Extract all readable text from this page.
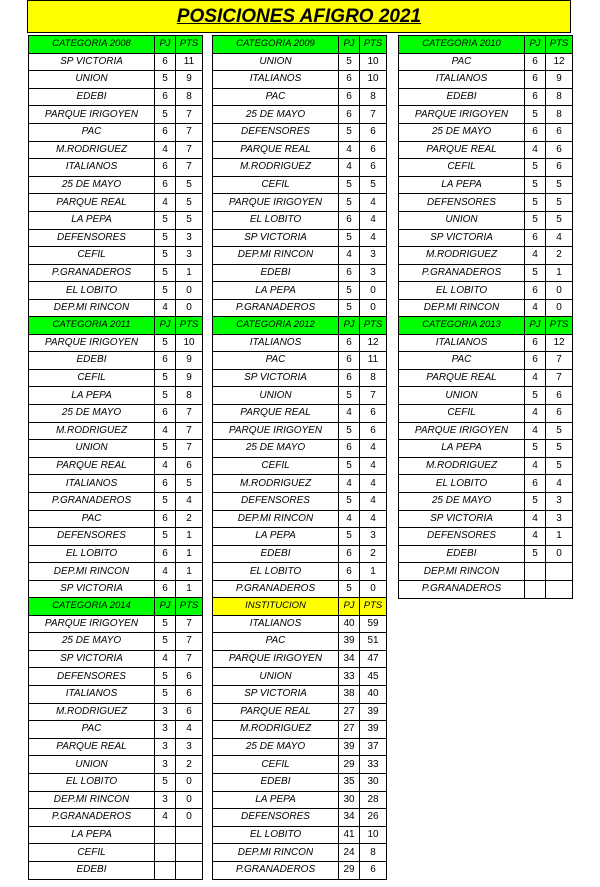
POSICIONES AFIGRO 2021
CATEGORIA 2008	PJ	PTS
SP VICTORIA	6	11
UNION	5	9
EDEBI	6	8
PARQUE IRIGOYEN	5	7
PAC	6	7
M.RODRIGUEZ	4	7
ITALIANOS	6	7
25 DE MAYO	6	5
PARQUE REAL	4	5
LA PEPA	5	5
DEFENSORES	5	3
CEFIL	5	3
P.GRANADEROS	5	1
EL LOBITO	5	0
DEP.MI RINCON	4	0
CATEGORIA 2009	PJ	PTS
UNION	5	10
ITALIANOS	6	10
PAC	6	8
25 DE MAYO	6	7
DEFENSORES	5	6
PARQUE REAL	4	6
M.RODRIGUEZ	4	6
CEFIL	5	5
PARQUE IRIGOYEN	5	4
EL LOBITO	6	4
SP VICTORIA	5	4
DEP.MI RINCON	4	3
EDEBI	6	3
LA PEPA	5	0
P.GRANADEROS	5	0
CATEGORIA 2010	PJ	PTS
PAC	6	12
ITALIANOS	6	9
EDEBI	6	8
PARQUE IRIGOYEN	5	8
25 DE MAYO	6	6
PARQUE REAL	4	6
CEFIL	5	6
LA PEPA	5	5
DEFENSORES	5	5
UNION	5	5
SP VICTORIA	6	4
M.RODRIGUEZ	4	2
P.GRANADEROS	5	1
EL LOBITO	6	0
DEP.MI RINCON	4	0
CATEGORIA 2011	PJ	PTS
PARQUE IRIGOYEN	5	10
EDEBI	6	9
CEFIL	5	9
LA PEPA	5	8
25 DE MAYO	6	7
M.RODRIGUEZ	4	7
UNION	5	7
PARQUE REAL	4	6
ITALIANOS	6	5
P.GRANADEROS	5	4
PAC	6	2
DEFENSORES	5	1
EL LOBITO	6	1
DEP.MI RINCON	4	1
SP VICTORIA	6	1
CATEGORIA 2012	PJ	PTS
ITALIANOS	6	12
PAC	6	11
SP VICTORIA	6	8
UNION	5	7
PARQUE REAL	4	6
PARQUE IRIGOYEN	5	6
25 DE MAYO	6	4
CEFIL	5	4
M.RODRIGUEZ	4	4
DEFENSORES	5	4
DEP.MI RINCON	4	4
LA PEPA	5	3
EDEBI	6	2
EL LOBITO	6	1
P.GRANADEROS	5	0
CATEGORIA 2013	PJ	PTS
ITALIANOS	6	12
PAC	6	7
PARQUE REAL	4	7
UNION	5	6
CEFIL	4	6
PARQUE IRIGOYEN	4	5
LA PEPA	5	5
M.RODRIGUEZ	4	5
EL LOBITO	6	4
25 DE MAYO	5	3
SP VICTORIA	4	3
DEFENSORES	4	1
EDEBI	5	0
DEP.MI RINCON		
P.GRANADEROS		
CATEGORIA 2014	PJ	PTS
PARQUE IRIGOYEN	5	7
25 DE MAYO	5	7
SP VICTORIA	4	7
DEFENSORES	5	6
ITALIANOS	5	6
M.RODRIGUEZ	3	6
PAC	3	4
PARQUE REAL	3	3
UNION	3	2
EL LOBITO	5	0
DEP.MI RINCON	3	0
P.GRANADEROS	4	0
LA PEPA		
CEFIL		
EDEBI		
INSTITUCION	PJ	PTS
ITALIANOS	40	59
PAC	39	51
PARQUE IRIGOYEN	34	47
UNION	33	45
SP VICTORIA	38	40
PARQUE REAL	27	39
M.RODRIGUEZ	27	39
25 DE MAYO	39	37
CEFIL	29	33
EDEBI	35	30
LA PEPA	30	28
DEFENSORES	34	26
EL LOBITO	41	10
DEP.MI RINCON	24	8
P.GRANADEROS	29	6
